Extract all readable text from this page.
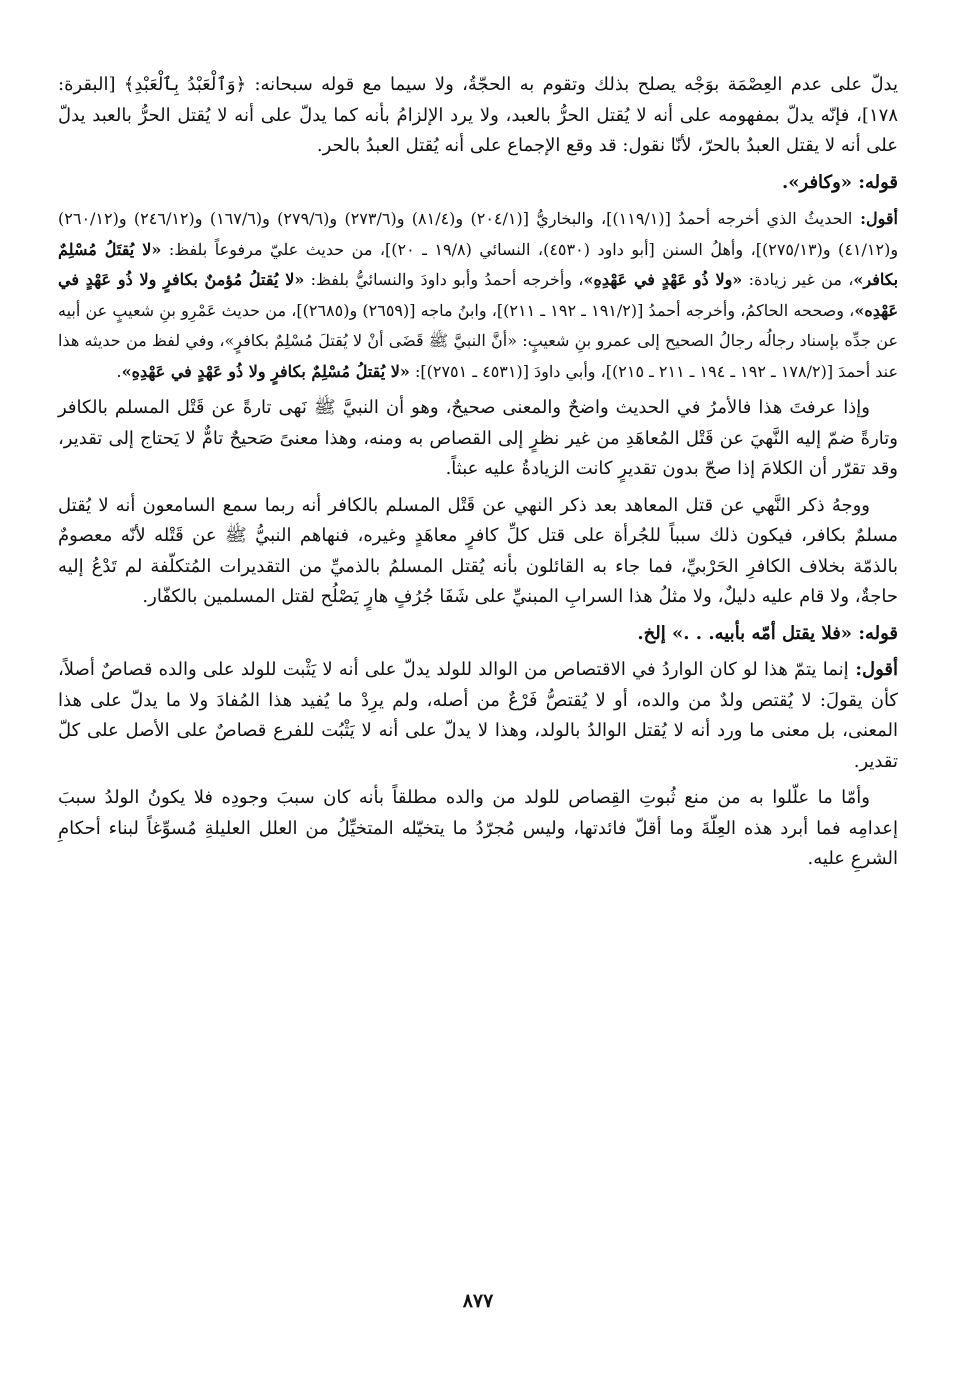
يدلّ على عدم العِصْمَة بوَجْه يصلح بذلك وتقوم به الحجّةُ، ولا سيما مع قوله سبحانه: ﴿وَٱلْعَبْدُ بِٱلْعَبْدِ﴾ [البقرة: ١٧٨]، فإنّه يدلّ بمفهومه على أنه لا يُقتل الحرُّ بالعبد، ولا يرد الإلزامُ بأنه كما يدلّ على أنه لا يُقتل الحرُّ بالعبد يدلّ على أنه لا يقتل العبدُ بالحرّ، لأنّا نقول: قد وقع الإجماع على أنه يُقتل العبدُ بالحر.

قوله: «وكافر».

أقول: الحديثُ الذي أخرجه أحمدُ [(١١٩/١)]، والبخاريُّ [(٢٠٤/١) و(٨١/٤) و(٢٧٣/٦) و(٢٧٩/٦) و(١٦٧/٦) و(٢٤٦/١٢) و(٢٦٠/١٢) و(٤١/١٢) و(٢٧٥/١٣)]، وأهلُ السنن [أبو داود (٤٥٣٠)، النسائي (١٩/٨ ـ ٢٠)]، من حديث عليّ مرفوعاً بلفظ: «لا يُقتَلُ مُسْلِمٌ بكافر»، من غير زيادة: «ولا ذُو عَهْدٍ في عَهْدِهِ»، وأخرجه أحمدُ وأبو داودَ والنسائيُّ بلفظ: «لا يُقتلُ مُؤمنٌ بكافرٍ ولا ذُو عَهْدٍ في عَهْدِه»، وصححه الحاكمُ، وأخرجه أحمدُ [(١٩١/٢ ـ ١٩٢ ـ ٢١١)]، وابنُ ماجه [(٢٦٥٩) و(٢٦٨٥)]، من حديث عَمْرِو بنِ شعيبٍ عن أبيه عن جدِّه بإسناد رجالُه رجالُ الصحيح إلى عمرو بنِ شعيبٍ: «أنَّ النبيَّ ﷺ قَضَى أنْ لا يُقتلَ مُسْلِمٌ بكافرٍ»، وفي لفظ من حديثه هذا عند أحمدَ [(١٧٨/٢ ـ ١٩٢ ـ ١٩٤ ـ ٢١١ ـ ٢١٥)]، وأبي داودَ [(٤٥٣١ ـ ٢٧٥١)]: «لا يُقتلُ مُسْلِمٌ بكافرٍ ولا ذُو عَهْدٍ في عَهْدِهِ».

وإذا عرفتَ هذا فالأمرُ في الحديث واضحٌ والمعنى صحيحٌ، وهو أن النبيَّ ﷺ نَهى تارةً عن قَتْل المسلم بالكافر وتارةً ضمّ إليه النَّهيَ عن قَتْل المُعاهَدِ من غير نظرٍ إلى القصاص به ومنه، وهذا معنىً صَحيحٌ تامٌّ لا يَحتاج إلى تقدير، وقد تقرّر أن الكلامَ إذا صحّ بدون تقديرٍ كانت الزيادةُ عليه عبثاً.

ووجهُ ذكر النَّهي عن قتل المعاهد بعد ذكر النهي عن قَتْل المسلم بالكافر أنه ربما سمع السامعون أنه لا يُقتل مسلمٌ بكافر، فيكون ذلك سبباً للجُرأة على قتل كلِّ كافرٍ معاهَدٍ وغيره، فنهاهم النبيُّ ﷺ عن قَتْله لأنّه معصومٌ بالذمّة بخلاف الكافرِ الحَرْبيِّ، فما جاء به القائلون بأنه يُقتل المسلمُ بالذميِّ من التقديرات المُتكلّفة لم تَدْعُ إليه حاجةٌ، ولا قام عليه دليلٌ، ولا مثلُ هذا السرابِ المبنيِّ على شَفَا جُرُفٍ هارٍ يَصْلُح لقتل المسلمين بالكفّار.

قوله: «فلا يقتل أمّه بأبيه. . .» إلخ.

أقول: إنما يتمّ هذا لو كان الواردُ في الاقتصاص من الوالد للولد يدلّ على أنه لا يَثْبت للولد على والده قصاصٌ أصلاً، كأن يقولَ: لا يُقتص ولدٌ من والده، أو لا يُقتصُّ فَرْعٌ من أصله، ولم يرِدْ ما يُفيد هذا المُفادَ ولا ما يدلّ على هذا المعنى، بل معنى ما ورد أنه لا يُقتل الوالدُ بالولد، وهذا لا يدلّ على أنه لا يَثْبُت للفرع قصاصٌ على الأصل على كلّ تقدير.

وأمّا ما علّلوا به من منع ثُبوتِ القِصاص للولد من والده مطلقاً بأنه كان سببَ وجودِه فلا يكونُ الولدُ سببَ إعدامِه فما أبرد هذه العِلّةَ وما أقلّ فائدتها، وليس مُجرّدُ ما يتخيّله المتخيِّلُ من العلل العليلةِ مُسوِّغاً لبناء أحكامِ الشرعِ عليه.

٨٧٧
